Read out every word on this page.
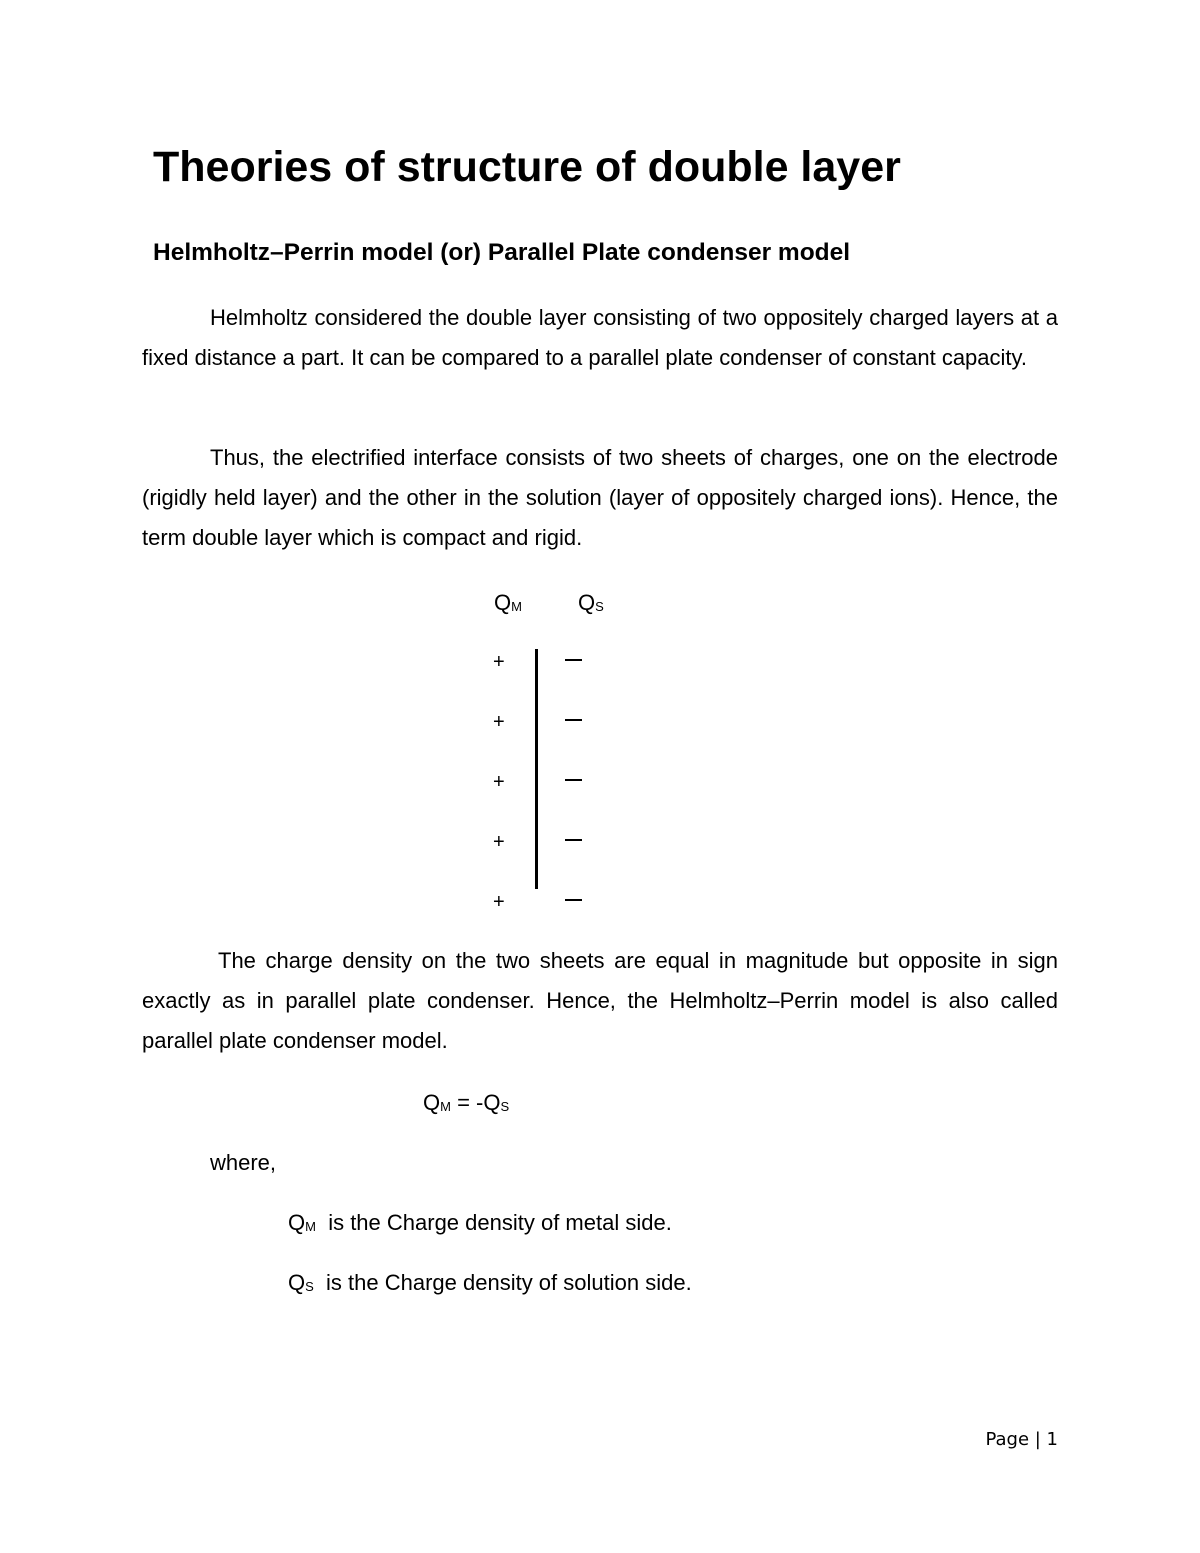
Theories of structure of double layer
Helmholtz–Perrin model (or) Parallel Plate condenser model

Helmholtz considered the double layer consisting of two oppositely charged layers at a fixed distance a part. It can be compared to a parallel plate condenser of constant capacity.

Thus, the electrified interface consists of two sheets of charges, one on the electrode (rigidly held layer) and the other in the solution (layer of oppositely charged ions). Hence, the term double layer which is compact and rigid.

$Q_M$	$Q_S$
+
+
+
+
+

The charge density on the two sheets are equal in magnitude but opposite in sign exactly as in parallel plate condenser. Hence, the Helmholtz–Perrin model is also called parallel plate condenser model.

$Q_M = -Q_S$
where,
$Q_M$  is the Charge density of metal side.
$Q_S$  is the Charge density of solution side.
Page | 1
